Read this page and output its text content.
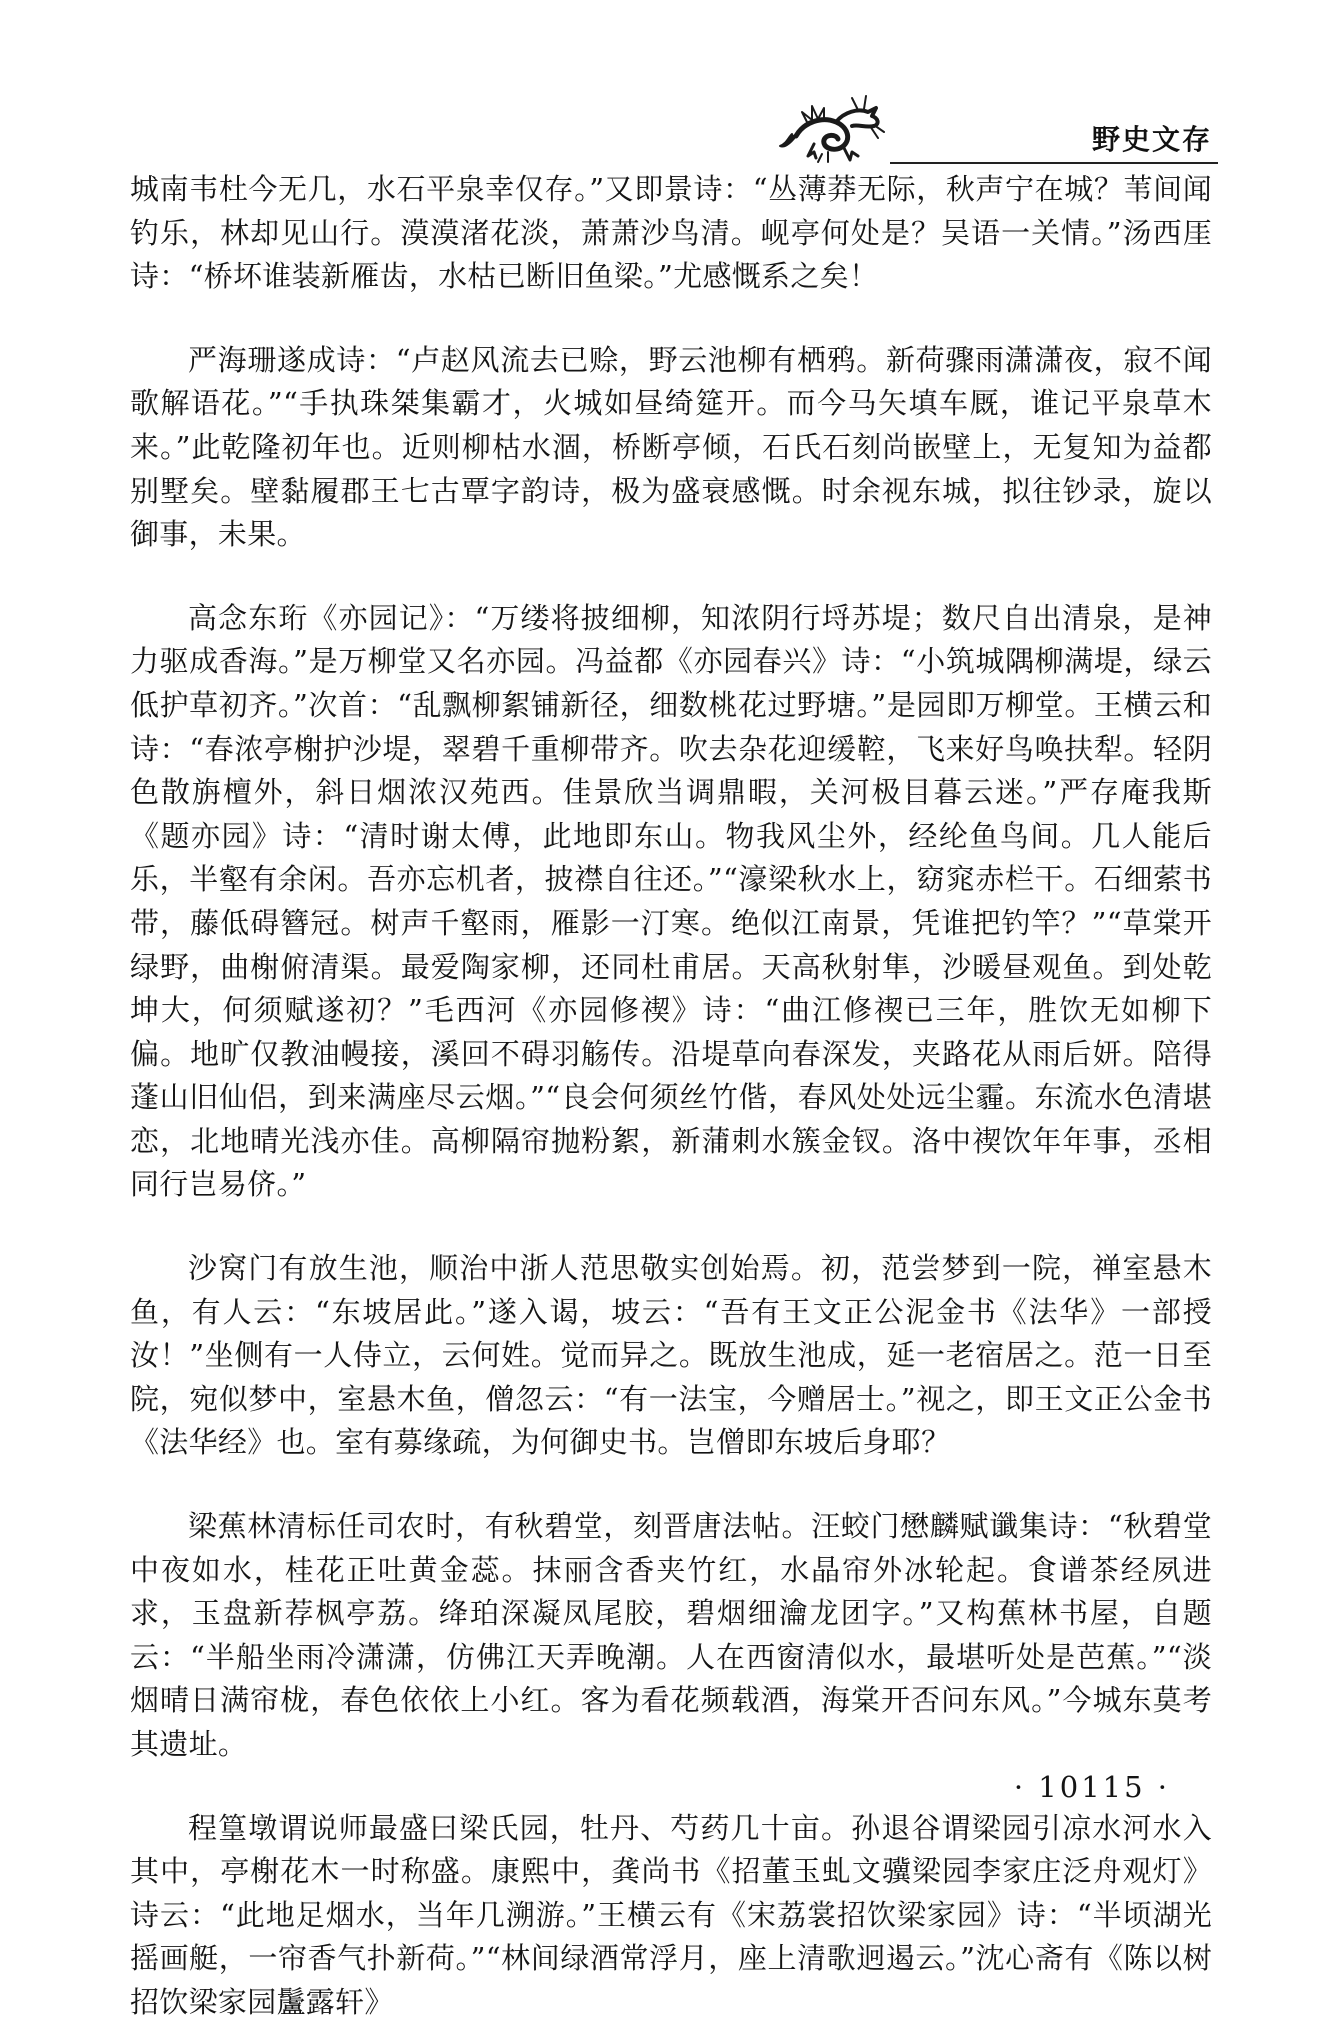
野史文存

城南韦杜今无几，水石平泉幸仅存。”又即景诗：“丛薄莽无际，秋声宁在城？苇间闻钓乐，林却见山行。漠漠渚花淡，萧萧沙鸟清。岘亭何处是？吴语一关情。”汤西厓诗：“桥坏谁装新雁齿，水枯已断旧鱼梁。”尤感慨系之矣！

严海珊遂成诗：“卢赵风流去已赊，野云池柳有栖鸦。新荷骤雨潇潇夜，寂不闻歌解语花。”“手执珠桀集霸才，火城如昼绮筵开。而今马矢填车厩，谁记平泉草木来。”此乾隆初年也。近则柳枯水涸，桥断亭倾，石氏石刻尚嵌壁上，无复知为益都别墅矣。壁黏履郡王七古覃字韵诗，极为盛衰感慨。时余视东城，拟往钞录，旋以御事，未果。

高念东珩《亦园记》：“万缕将披细柳，知浓阴行埒苏堤；数尺自出清泉，是神力驱成香海。”是万柳堂又名亦园。冯益都《亦园春兴》诗：“小筑城隅柳满堤，绿云低护草初齐。”次首：“乱飘柳絮铺新径，细数桃花过野塘。”是园即万柳堂。王横云和诗：“春浓亭榭护沙堤，翠碧千重柳带齐。吹去杂花迎缓鞚，飞来好鸟唤扶犁。轻阴色散旃檀外，斜日烟浓汉苑西。佳景欣当调鼎暇，关河极目暮云迷。”严存庵我斯《题亦园》诗：“清时谢太傅，此地即东山。物我风尘外，经纶鱼鸟间。几人能后乐，半壑有余闲。吾亦忘机者，披襟自往还。”“濠梁秋水上，窈窕赤栏干。石细萦书带，藤低碍簪冠。树声千壑雨，雁影一汀寒。绝似江南景，凭谁把钓竿？”“草棠开绿野，曲榭俯清渠。最爱陶家柳，还同杜甫居。天高秋射隼，沙暖昼观鱼。到处乾坤大，何须赋遂初？”毛西河《亦园修禊》诗：“曲江修禊已三年，胜饮无如柳下偏。地旷仅教油幔接，溪回不碍羽觞传。沿堤草向春深发，夹路花从雨后妍。陪得蓬山旧仙侣，到来满座尽云烟。”“良会何须丝竹偕，春风处处远尘霾。东流水色清堪恋，北地晴光浅亦佳。高柳隔帘抛粉絮，新蒲刺水簇金钗。洛中禊饮年年事，丞相同行岂易侪。”

沙窝门有放生池，顺治中浙人范思敬实创始焉。初，范尝梦到一院，禅室悬木鱼，有人云：“东坡居此。”遂入谒，坡云：“吾有王文正公泥金书《法华》一部授汝！”坐侧有一人侍立，云何姓。觉而异之。既放生池成，延一老宿居之。范一日至院，宛似梦中，室悬木鱼，僧忽云：“有一法宝，今赠居士。”视之，即王文正公金书《法华经》也。室有募缘疏，为何御史书。岂僧即东坡后身耶？

梁蕉林清标任司农时，有秋碧堂，刻晋唐法帖。汪蛟门懋麟赋谶集诗：“秋碧堂中夜如水，桂花正吐黄金蕊。抹丽含香夹竹红，水晶帘外冰轮起。食谱茶经夙进求，玉盘新荐枫亭荔。绛珀深凝凤尾胶，碧烟细瀹龙团字。”又构蕉林书屋，自题云：“半船坐雨冷潇潇，仿佛江天弄晚潮。人在西窗清似水，最堪听处是芭蕉。”“淡烟晴日满帘栊，春色依依上小红。客为看花频载酒，海棠开否问东风。”今城东莫考其遗址。

程篁墩谓说师最盛曰梁氏园，牡丹、芍药几十亩。孙退谷谓梁园引凉水河水入其中，亭榭花木一时称盛。康熙中，龚尚书《招董玉虬文骥梁园李家庄泛舟观灯》诗云：“此地足烟水，当年几溯游。”王横云有《宋荔裳招饮梁家园》诗：“半顷湖光摇画艇，一帘香气扑新荷。”“林间绿酒常浮月，座上清歌迥遏云。”沈心斋有《陈以树招饮梁家园䰕露轩》

· 10115 ·
